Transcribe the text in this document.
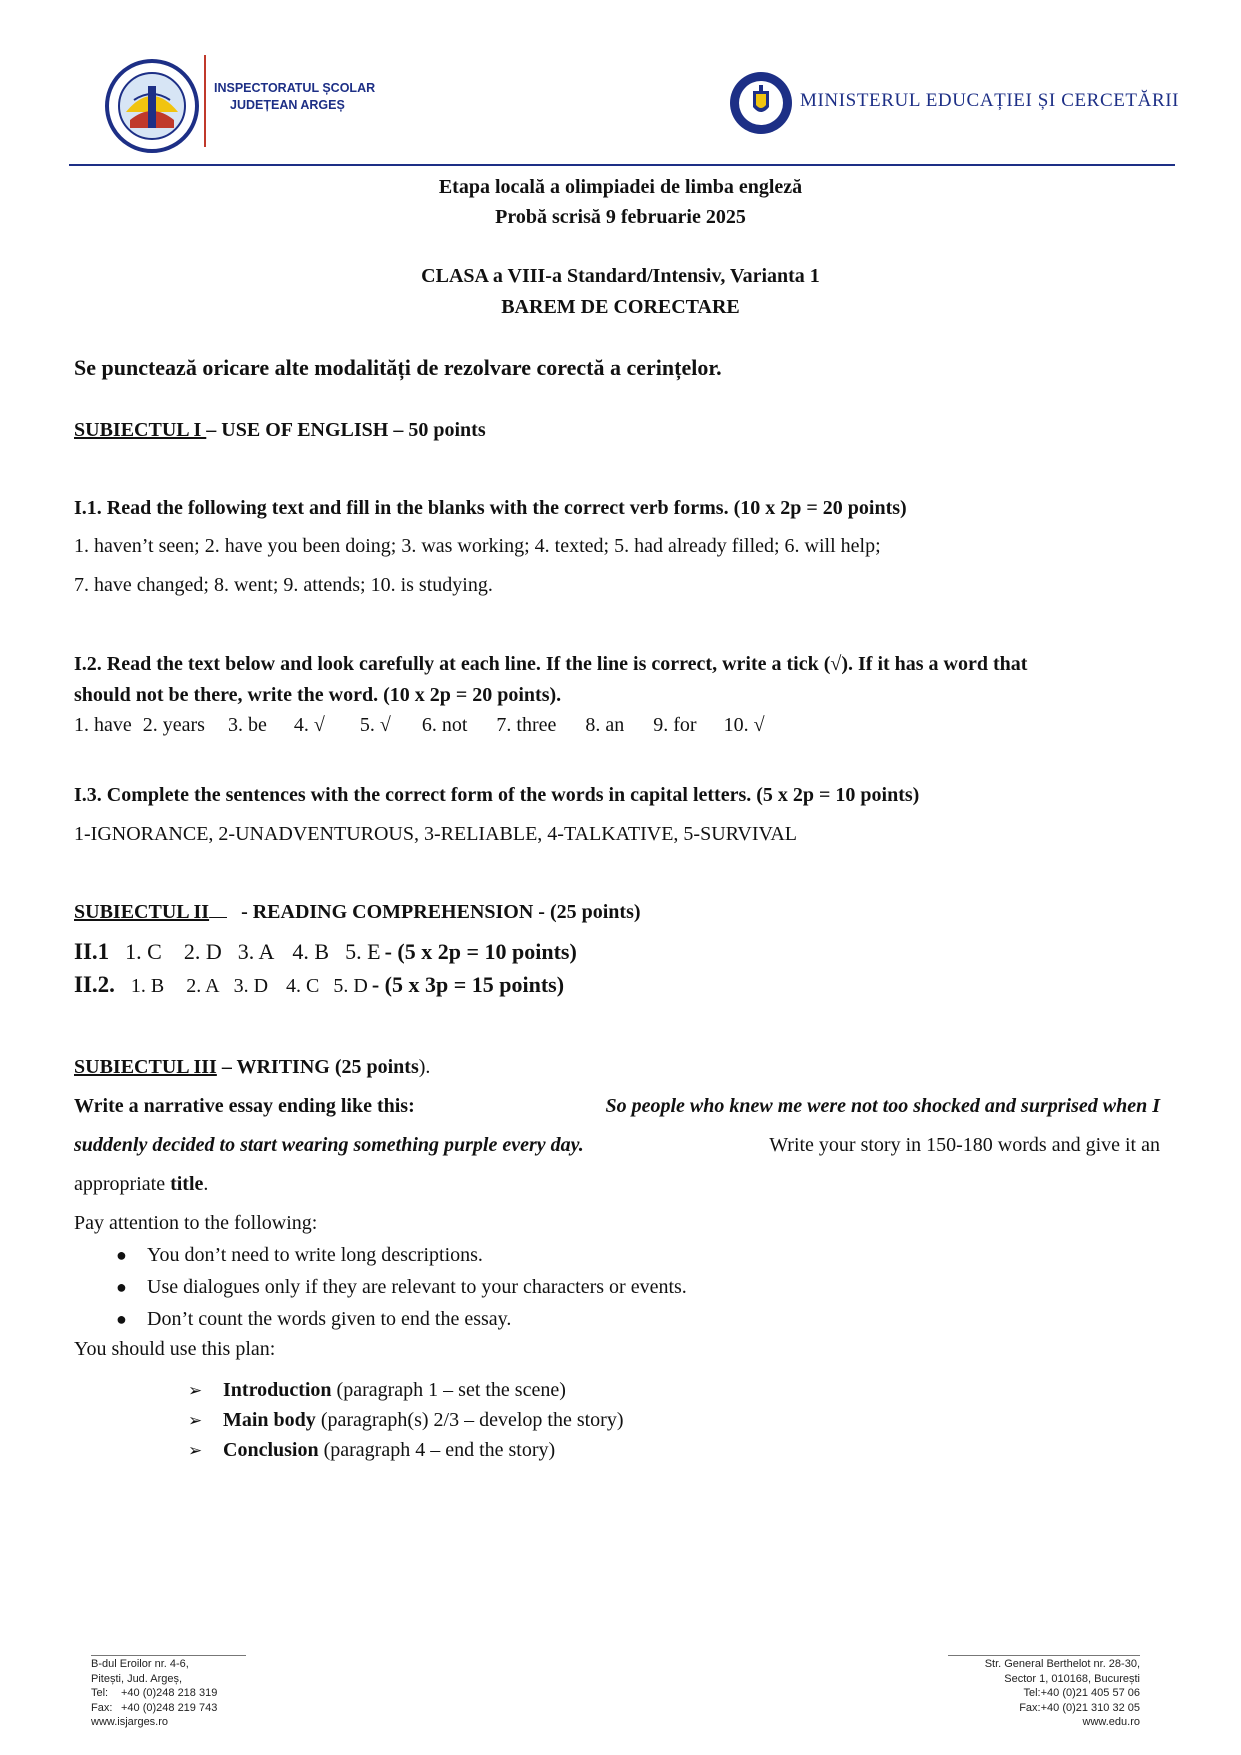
INSPECTORATUL ȘCOLAR
JUDEȚEAN ARGEȘ	MINISTERUL EDUCAȚIEI ȘI CERCETĂRII
Etapa locală a olimpiadei de limba engleză
Probă scrisă 9 februarie 2025
CLASA a VIII-a Standard/Intensiv, Varianta 1
BAREM DE CORECTARE
Se punctează oricare alte modalități de rezolvare corectă a cerințelor.
SUBIECTUL I – USE OF ENGLISH – 50 points
I.1. Read the following text and fill in the blanks with the correct verb forms. (10 x 2p = 20 points)
1. haven’t seen; 2. have you been doing; 3. was working; 4. texted; 5. had already filled; 6. will help;
7. have changed; 8. went; 9. attends; 10. is studying.
I.2. Read the text below and look carefully at each line. If the line is correct, write a tick (√). If it has a word that
should not be there, write the word. (10 x 2p = 20 points).
1. have 2. years 3. be 4. √ 5. √ 6. not 7. three 8. an 9. for 10. √
I.3. Complete the sentences with the correct form of the words in capital letters. (5 x 2p = 10 points)
1-IGNORANCE, 2-UNADVENTUROUS, 3-RELIABLE, 4-TALKATIVE, 5-SURVIVAL
SUBIECTUL II - READING COMPREHENSION - (25 points)
II.1 1. C 2. D 3. A 4. B 5. E - (5 x 2p = 10 points)
II.2. 1. B 2. A 3. D 4. C 5. D - (5 x 3p = 15 points)
SUBIECTUL III – WRITING (25 points).
Write a narrative essay ending like this:	So people who knew me were not too shocked and surprised when I
suddenly decided to start wearing something purple every day.	Write your story in 150-180 words and give it an
appropriate title.
Pay attention to the following:
● You don’t need to write long descriptions.
● Use dialogues only if they are relevant to your characters or events.
● Don’t count the words given to end the essay.
You should use this plan:
➢ Introduction (paragraph 1 – set the scene)
➢ Main body (paragraph(s) 2/3 – develop the story)
➢ Conclusion (paragraph 4 – end the story)
B-dul Eroilor nr. 4-6,
Pitești, Jud. Argeș,
Tel: +40 (0)248 218 319
Fax: +40 (0)248 219 743
www.isjarges.ro
Str. General Berthelot nr. 28-30,
Sector 1, 010168, București
Tel:+40 (0)21 405 57 06
Fax:+40 (0)21 310 32 05
www.edu.ro
